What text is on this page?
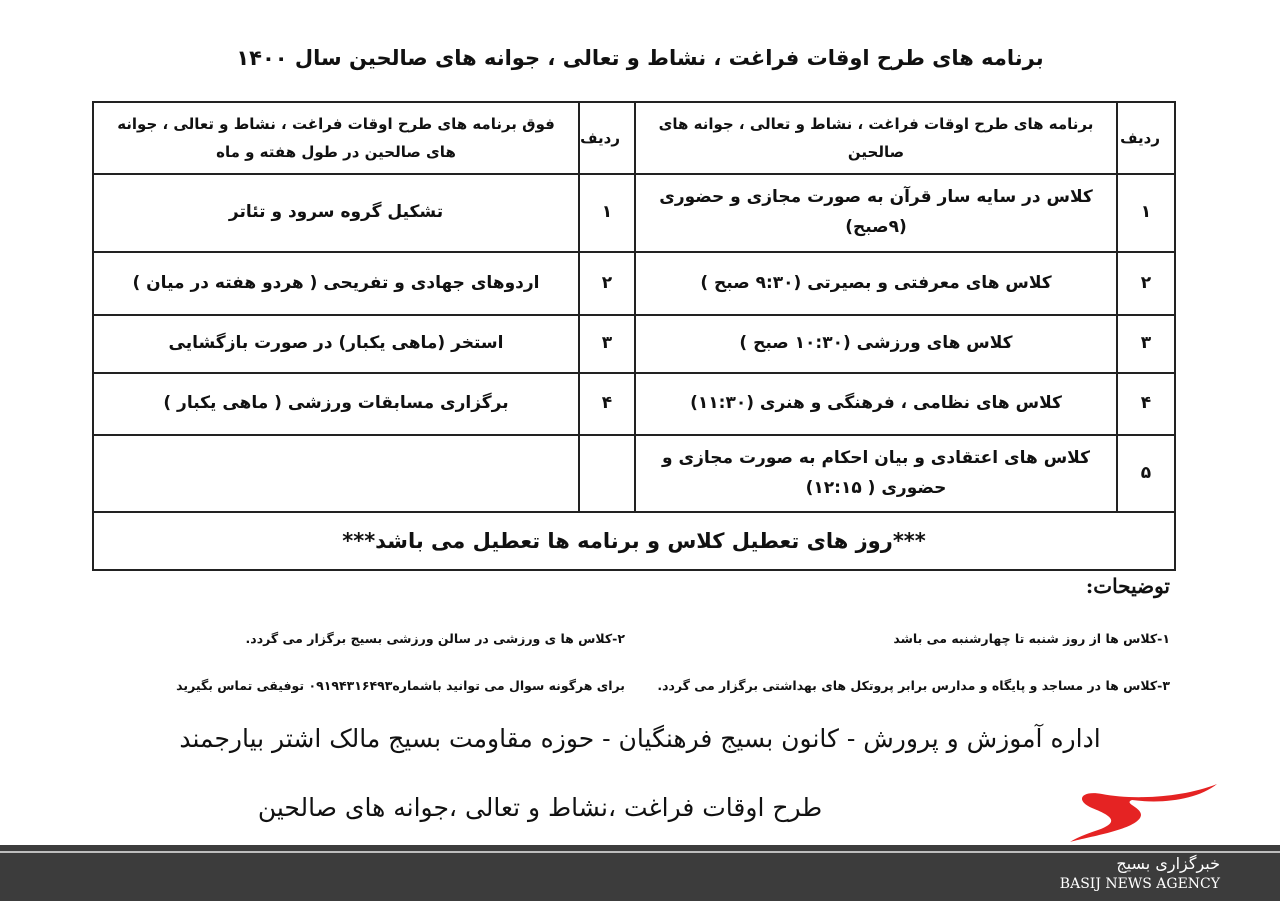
برنامه های طرح اوقات فراغت ، نشاط و تعالی ، جوانه های صالحین سال ۱۴۰۰
ردیف	برنامه های طرح اوقات فراغت ، نشاط و تعالی ، جوانه های صالحین	ردیف	فوق برنامه های طرح اوقات فراغت ، نشاط و تعالی ، جوانه های صالحین در طول هفته و ماه
۱	کلاس در سایه سار قرآن به صورت مجازی و حضوری (۹صبح)	۱	تشکیل گروه سرود و تئاتر
۲	کلاس های معرفتی و بصیرتی (۹:۳۰ صبح )	۲	اردوهای جهادی و تفریحی ( هردو هفته در میان )
۳	کلاس های ورزشی (۱۰:۳۰ صبح )	۳	استخر (ماهی یکبار) در صورت بازگشایی
۴	کلاس های نظامی ، فرهنگی و هنری (۱۱:۳۰)	۴	برگزاری مسابقات ورزشی ( ماهی یکبار )
۵	کلاس های اعتقادی و بیان احکام به صورت مجازی و حضوری ( ۱۲:۱۵)		
***روز های تعطیل کلاس و برنامه ها تعطیل می باشد***			
توضیحات:
۱-کلاس ها از روز شنبه تا چهارشنبه می باشد
۲-کلاس ها ی ورزشی در سالن ورزشی بسیج برگزار می گردد.
۳-کلاس ها در مساجد و پایگاه و مدارس برابر پروتکل های بهداشتی برگزار می گردد.
برای هرگونه سوال می توانید باشماره۰۹۱۹۴۳۱۶۴۹۳ توفیقی تماس بگیرید
اداره آموزش و پرورش - کانون بسیج فرهنگیان - حوزه مقاومت بسیج مالک اشتر بیارجمند
طرح اوقات فراغت ،نشاط و تعالی ،جوانه های صالحین
خبرگزاری بسیج
BASIJ NEWS AGENCY
